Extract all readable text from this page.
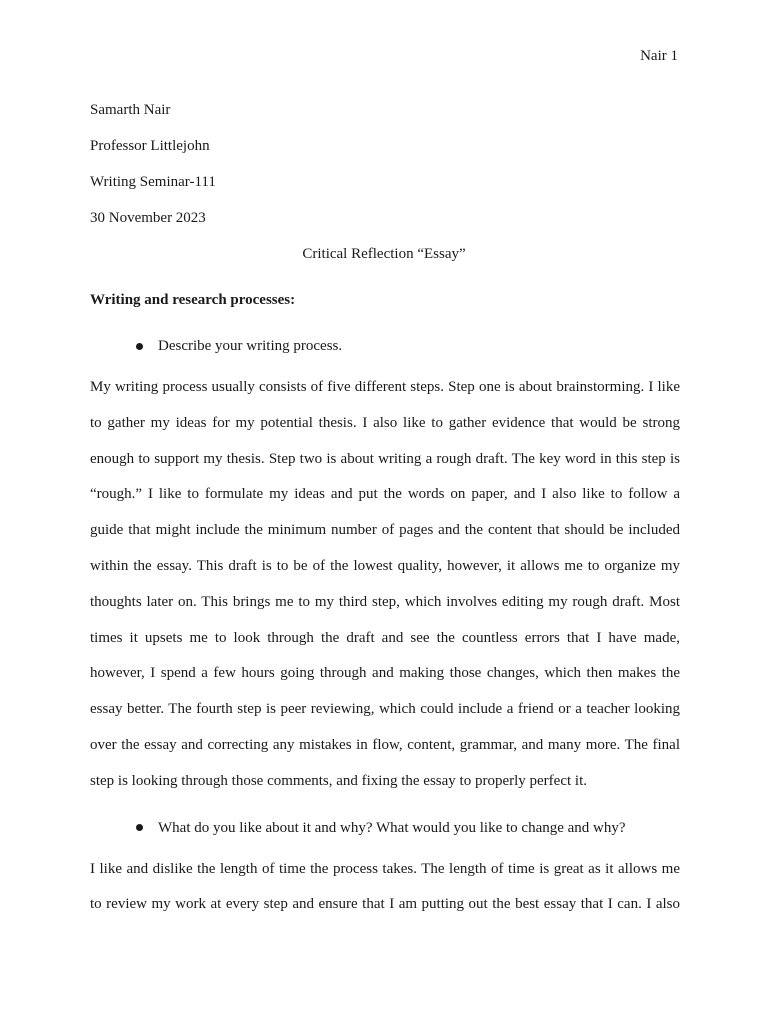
Nair 1
Samarth Nair
Professor Littlejohn
Writing Seminar-111
30 November 2023
Critical Reflection “Essay”
Writing and research processes:
Describe your writing process.
My writing process usually consists of five different steps. Step one is about brainstorming. I like
to gather my ideas for my potential thesis. I also like to gather evidence that would be strong
enough to support my thesis. Step two is about writing a rough draft. The key word in this step is
“rough.” I like to formulate my ideas and put the words on paper, and I also like to follow a
guide that might include the minimum number of pages and the content that should be included
within the essay. This draft is to be of the lowest quality, however, it allows me to organize my
thoughts later on. This brings me to my third step, which involves editing my rough draft. Most
times it upsets me to look through the draft and see the countless errors that I have made,
however, I spend a few hours going through and making those changes, which then makes the
essay better. The fourth step is peer reviewing, which could include a friend or a teacher looking
over the essay and correcting any mistakes in flow, content, grammar, and many more. The final
step is looking through those comments, and fixing the essay to properly perfect it.
What do you like about it and why? What would you like to change and why?
I like and dislike the length of time the process takes. The length of time is great as it allows me
to review my work at every step and ensure that I am putting out the best essay that I can. I also
